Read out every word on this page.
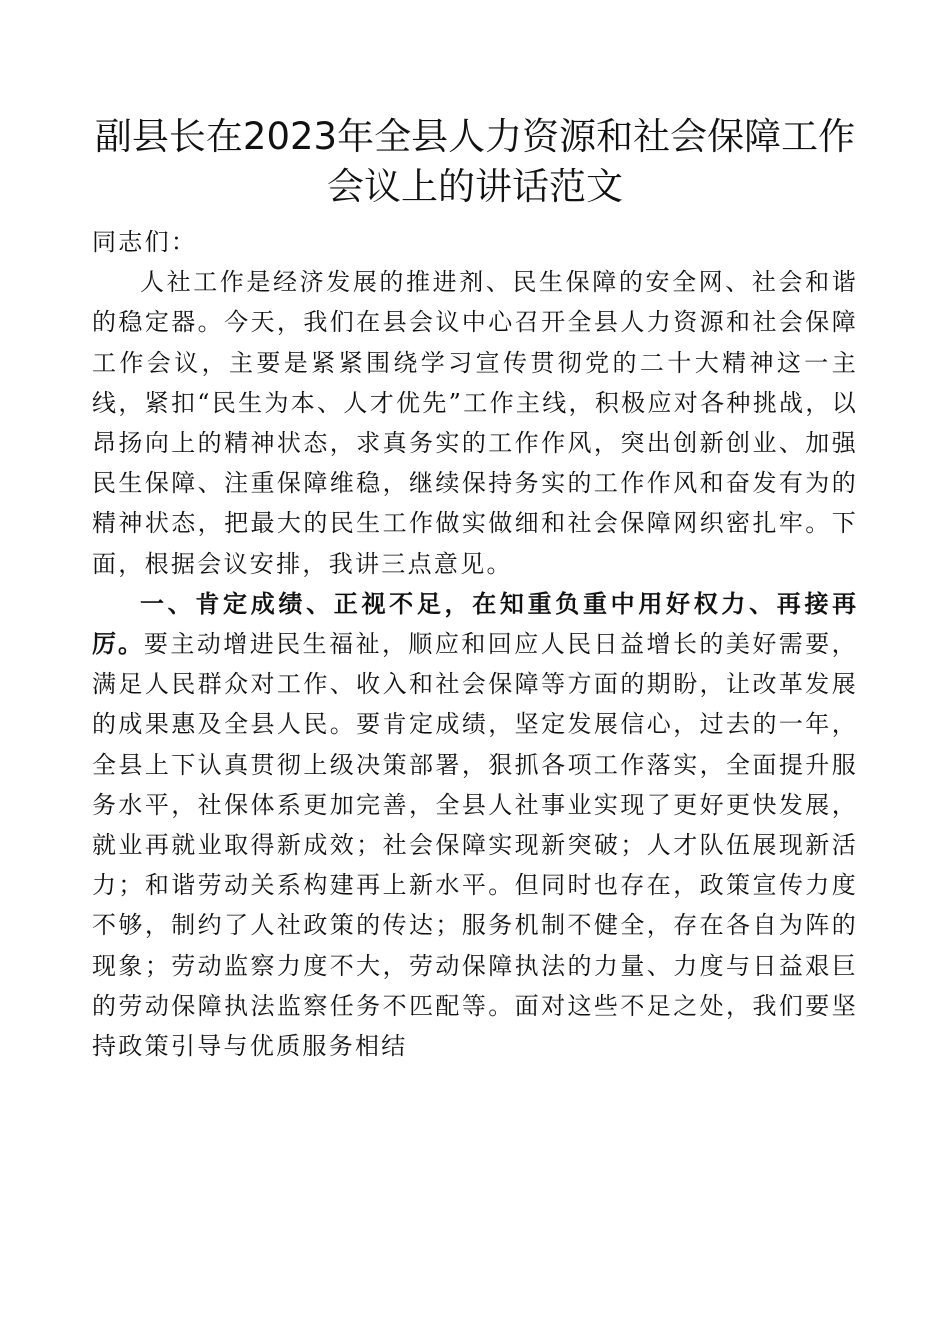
副县长在2023年全县人力资源和社会保障工作会议上的讲话范文

同志们：

人社工作是经济发展的推进剂、民生保障的安全网、社会和谐的稳定器。今天，我们在县会议中心召开全县人力资源和社会保障工作会议，主要是紧紧围绕学习宣传贯彻党的二十大精神这一主线，紧扣“民生为本、人才优先”工作主线，积极应对各种挑战，以昂扬向上的精神状态，求真务实的工作作风，突出创新创业、加强民生保障、注重保障维稳，继续保持务实的工作作风和奋发有为的精神状态，把最大的民生工作做实做细和社会保障网织密扎牢。下面，根据会议安排，我讲三点意见。

一、肯定成绩、正视不足，在知重负重中用好权力、再接再厉。要主动增进民生福祉，顺应和回应人民日益增长的美好需要，满足人民群众对工作、收入和社会保障等方面的期盼，让改革发展的成果惠及全县人民。要肯定成绩，坚定发展信心，过去的一年，全县上下认真贯彻上级决策部署，狠抓各项工作落实，全面提升服务水平，社保体系更加完善，全县人社事业实现了更好更快发展，就业再就业取得新成效；社会保障实现新突破；人才队伍展现新活力；和谐劳动关系构建再上新水平。但同时也存在，政策宣传力度不够，制约了人社政策的传达；服务机制不健全，存在各自为阵的现象；劳动监察力度不大，劳动保障执法的力量、力度与日益艰巨的劳动保障执法监察任务不匹配等。面对这些不足之处，我们要坚持政策引导与优质服务相结
